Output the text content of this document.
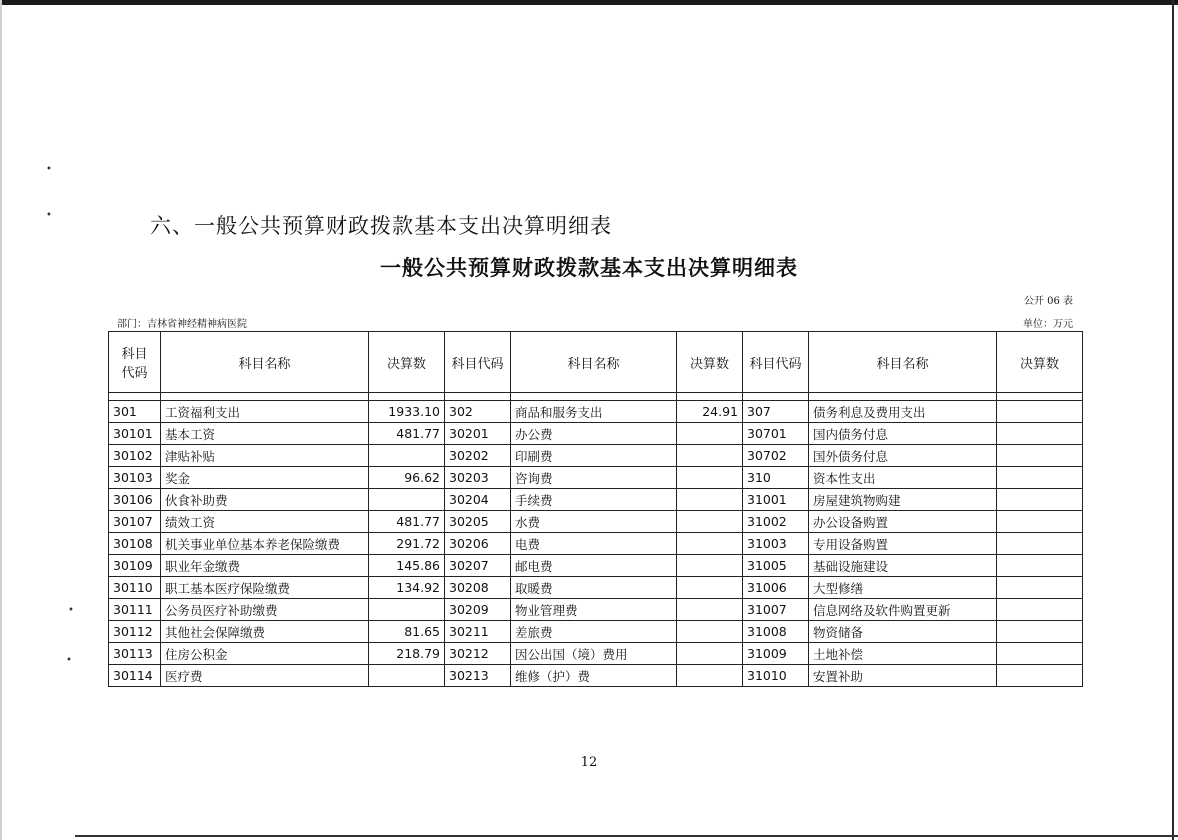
•
•
•
•
六、一般公共预算财政拨款基本支出决算明细表
一般公共预算财政拨款基本支出决算明细表
公开 06 表
部门：吉林省神经精神病医院	单位：万元
科目
代码	科目名称	决算数	科目代码	科目名称	决算数	科目代码	科目名称	决算数

301	工资福利支出	1933.10	302	商品和服务支出	24.91	307	债务利息及费用支出	
30101	基本工资	481.77	30201	办公费		30701	国内债务付息	
30102	津贴补贴		30202	印刷费		30702	国外债务付息	
30103	奖金	96.62	30203	咨询费		310	资本性支出	
30106	伙食补助费		30204	手续费		31001	房屋建筑物购建	
30107	绩效工资	481.77	30205	水费		31002	办公设备购置	
30108	机关事业单位基本养老保险缴费	291.72	30206	电费		31003	专用设备购置	
30109	职业年金缴费	145.86	30207	邮电费		31005	基础设施建设	
30110	职工基本医疗保险缴费	134.92	30208	取暖费		31006	大型修缮	
30111	公务员医疗补助缴费		30209	物业管理费		31007	信息网络及软件购置更新	
30112	其他社会保障缴费	81.65	30211	差旅费		31008	物资储备	
30113	住房公积金	218.79	30212	因公出国（境）费用		31009	土地补偿	
30114	医疗费		30213	维修（护）费		31010	安置补助	
12
